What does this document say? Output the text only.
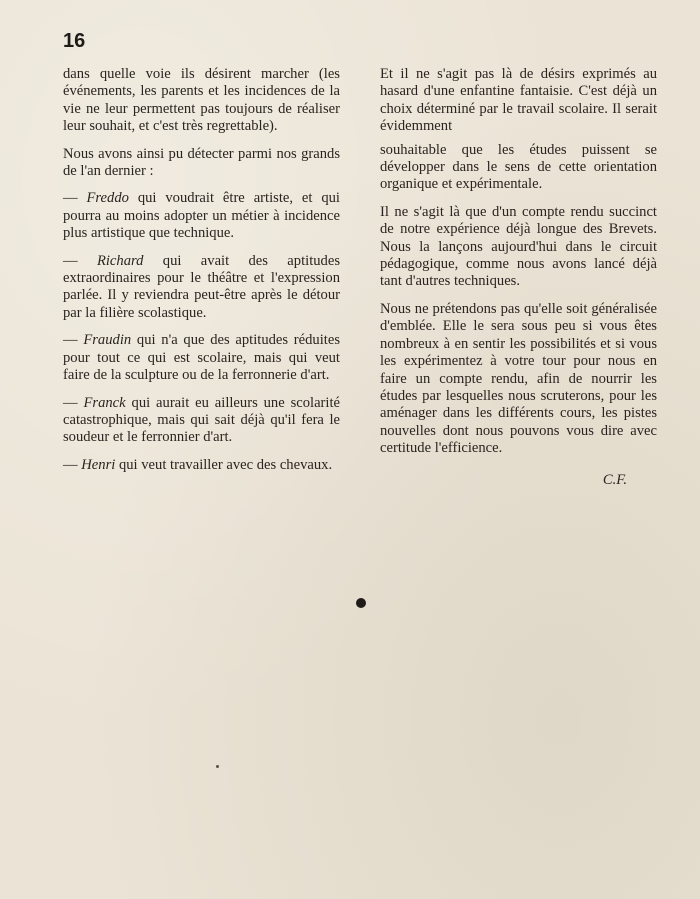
16

dans quelle voie ils désirent marcher (les événements, les parents et les incidences de la vie ne leur permettent pas toujours de réaliser leur souhait, et c'est très regrettable).

Nous avons ainsi pu détecter parmi nos grands de l'an dernier :

— Freddo qui voudrait être artiste, et qui pourra au moins adopter un métier à incidence plus artistique que technique.

— Richard qui avait des aptitudes extraordinaires pour le théâtre et l'expression parlée. Il y reviendra peut-être après le détour par la filière scolastique.

— Fraudin qui n'a que des aptitudes réduites pour tout ce qui est scolaire, mais qui veut faire de la sculpture ou de la ferronnerie d'art.

— Franck qui aurait eu ailleurs une scolarité catastrophique, mais qui sait déjà qu'il fera le soudeur et le ferronnier d'art.

— Henri qui veut travailler avec des chevaux.

Et il ne s'agit pas là de désirs exprimés au hasard d'une enfantine fantaisie. C'est déjà un choix déterminé par le travail scolaire. Il serait évidemment

souhaitable que les études puissent se développer dans le sens de cette orientation organique et expérimentale.

Il ne s'agit là que d'un compte rendu succinct de notre expérience déjà longue des Brevets. Nous la lançons aujourd'hui dans le circuit pédagogique, comme nous avons lancé déjà tant d'autres techniques.

Nous ne prétendons pas qu'elle soit généralisée d'emblée. Elle le sera sous peu si vous êtes nombreux à en sentir les possibilités et si vous les expérimentez à votre tour pour nous en faire un compte rendu, afin de nourrir les études par lesquelles nous scruterons, pour les aménager dans les différents cours, les pistes nouvelles dont nous pouvons vous dire avec certitude l'efficience.

C.F.
